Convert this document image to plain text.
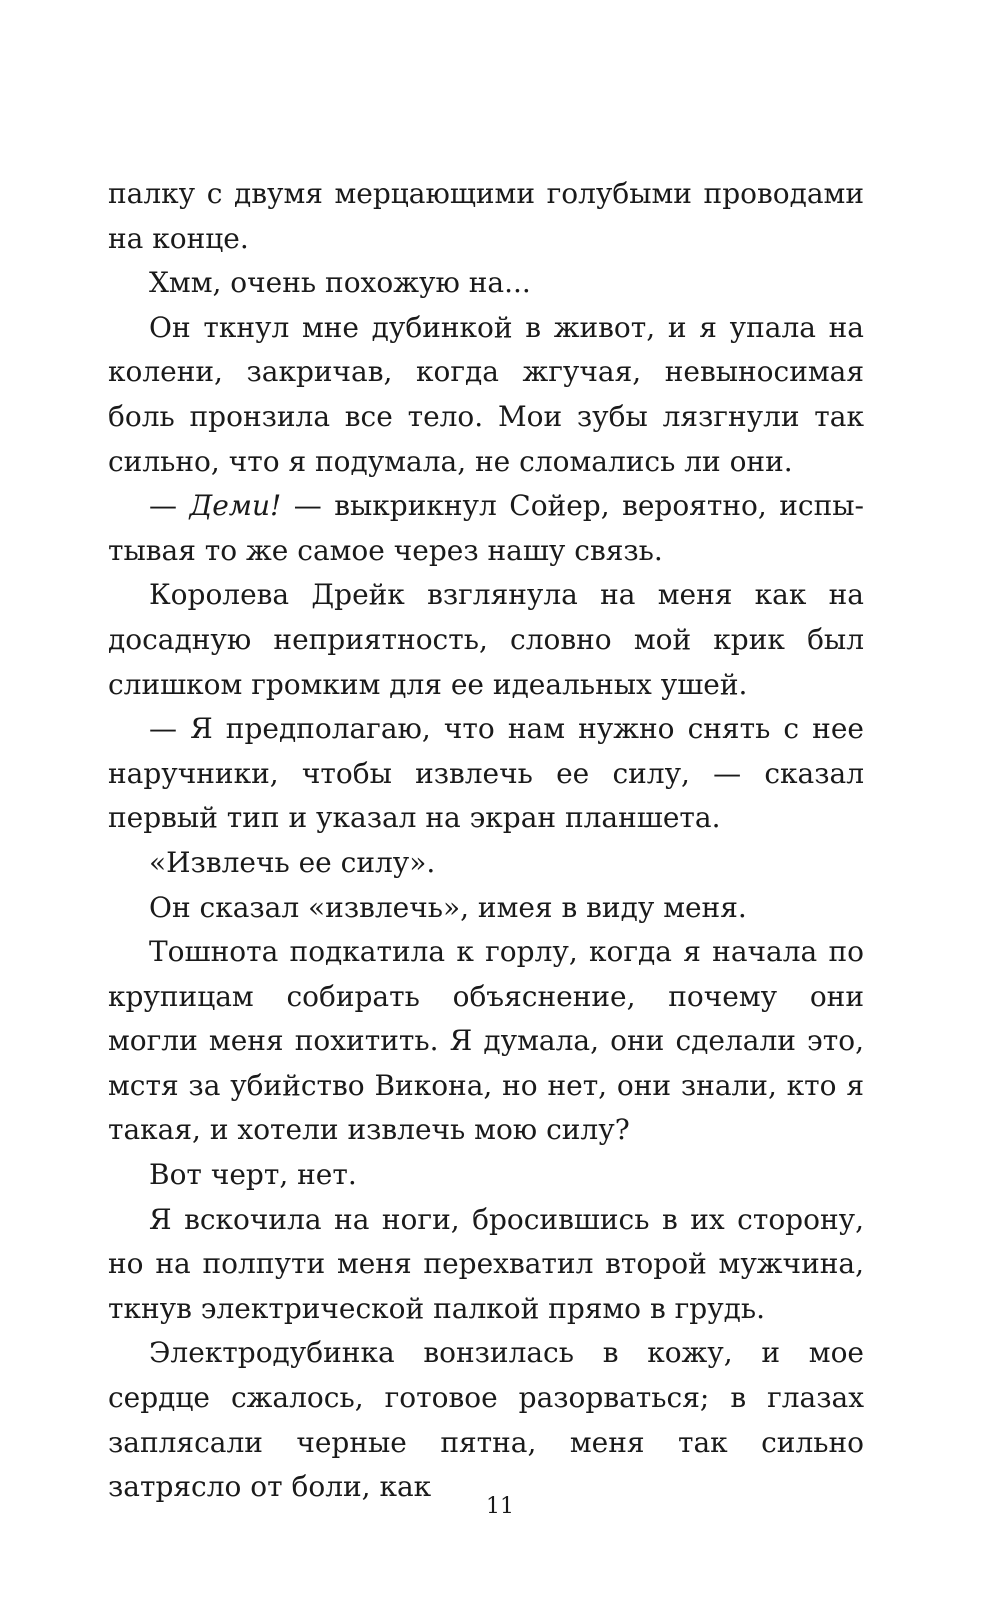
палку с двумя мерцающими голубыми проводами на конце.

Хмм, очень похожую на...

Он ткнул мне дубинкой в живот, и я упала на колени, закричав, когда жгучая, невыносимая боль пронзила все тело. Мои зубы лязгнули так сильно, что я подумала, не сломались ли они.

— Деми! — выкрикнул Сойер, вероятно, испытывая то же самое через нашу связь.

Королева Дрейк взглянула на меня как на досадную неприятность, словно мой крик был слишком громким для ее идеальных ушей.

— Я предполагаю, что нам нужно снять с нее наручники, чтобы извлечь ее силу, — сказал первый тип и указал на экран планшета.

«Извлечь ее силу».

Он сказал «извлечь», имея в виду меня.

Тошнота подкатила к горлу, когда я начала по крупицам собирать объяснение, почему они могли меня похитить. Я думала, они сделали это, мстя за убийство Викона, но нет, они знали, кто я такая, и хотели извлечь мою силу?

Вот черт, нет.

Я вскочила на ноги, бросившись в их сторону, но на полпути меня перехватил второй мужчина, ткнув электрической палкой прямо в грудь.

Электродубинка вонзилась в кожу, и мое сердце сжалось, готовое разорваться; в глазах заплясали черные пятна, меня так сильно затрясло от боли, как

11
